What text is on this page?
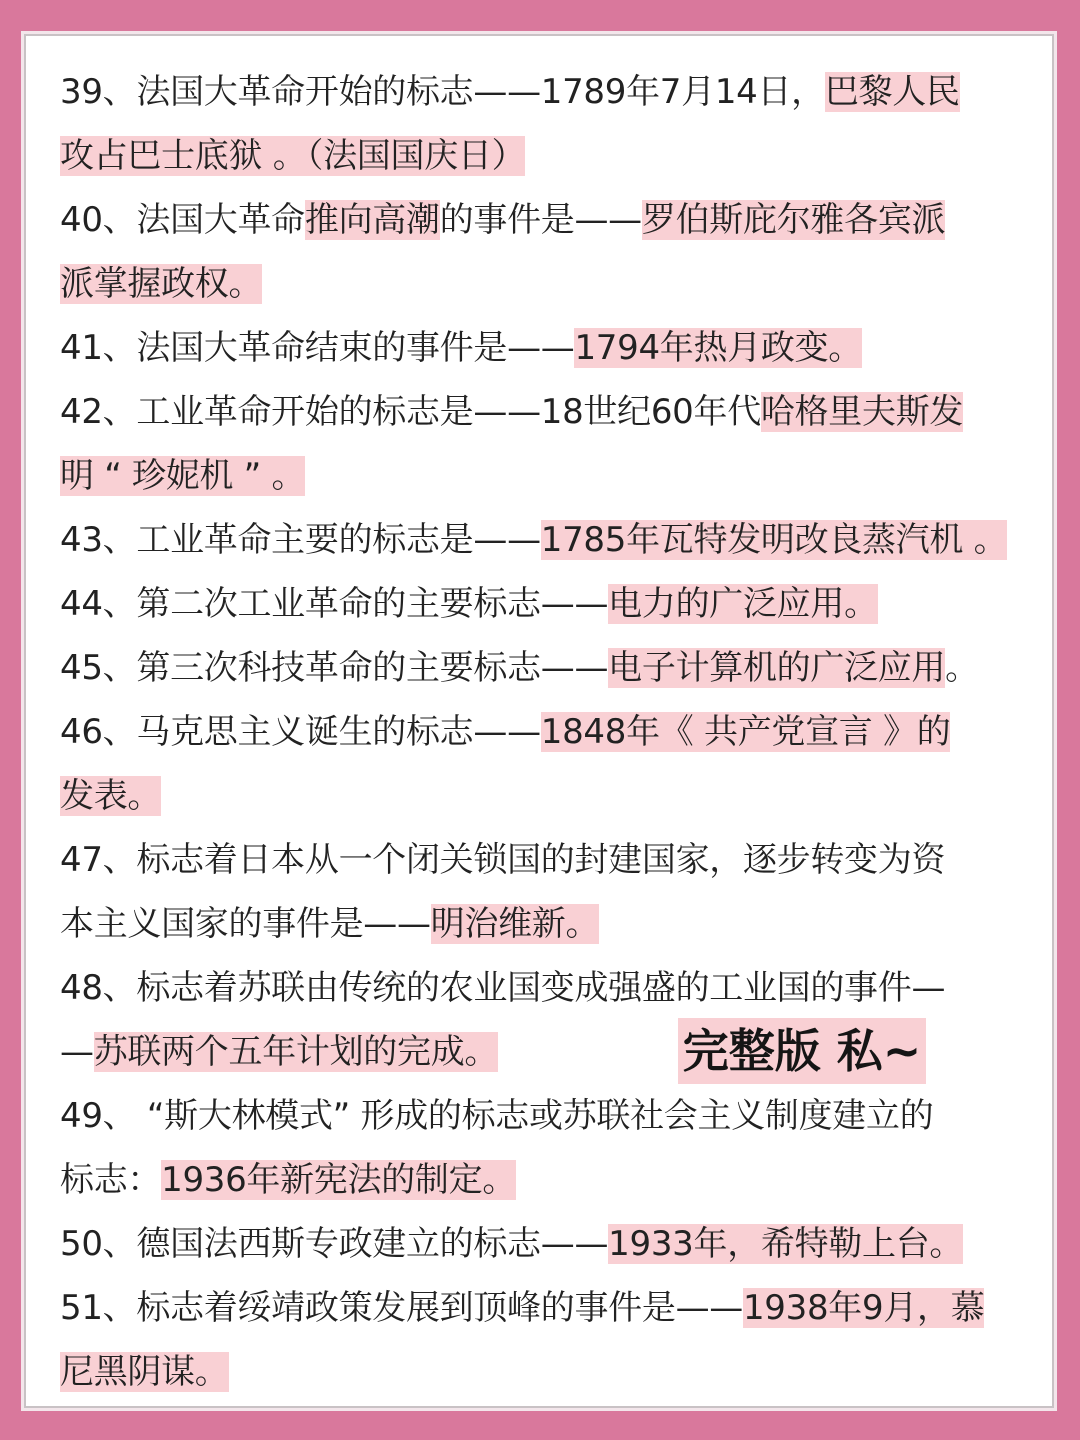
39、法国大革命开始的标志——1789年7月14日，巴黎人民
攻占巴士底狱 。（法国国庆日）
40、法国大革命推向高潮的事件是——罗伯斯庇尔雅各宾派
派掌握政权。
41、法国大革命结束的事件是——1794年热月政变。
42、工业革命开始的标志是——18世纪60年代哈格里夫斯发
明 “ 珍妮机 ” 。
43、工业革命主要的标志是——1785年瓦特发明改良蒸汽机 。
44、第二次工业革命的主要标志——电力的广泛应用。
45、第三次科技革命的主要标志——电子计算机的广泛应用。
46、马克思主义诞生的标志——1848年《 共产党宣言 》的
发表。
47、标志着日本从一个闭关锁国的封建国家，逐步转变为资
本主义国家的事件是——明治维新。
48、标志着苏联由传统的农业国变成强盛的工业国的事件—
—苏联两个五年计划的完成。	完整版 私~
49、 “斯大林模式” 形成的标志或苏联社会主义制度建立的
标志：1936年新宪法的制定。
50、德国法西斯专政建立的标志——1933年，希特勒上台。
51、标志着绥靖政策发展到顶峰的事件是——1938年9月，慕
尼黑阴谋。
